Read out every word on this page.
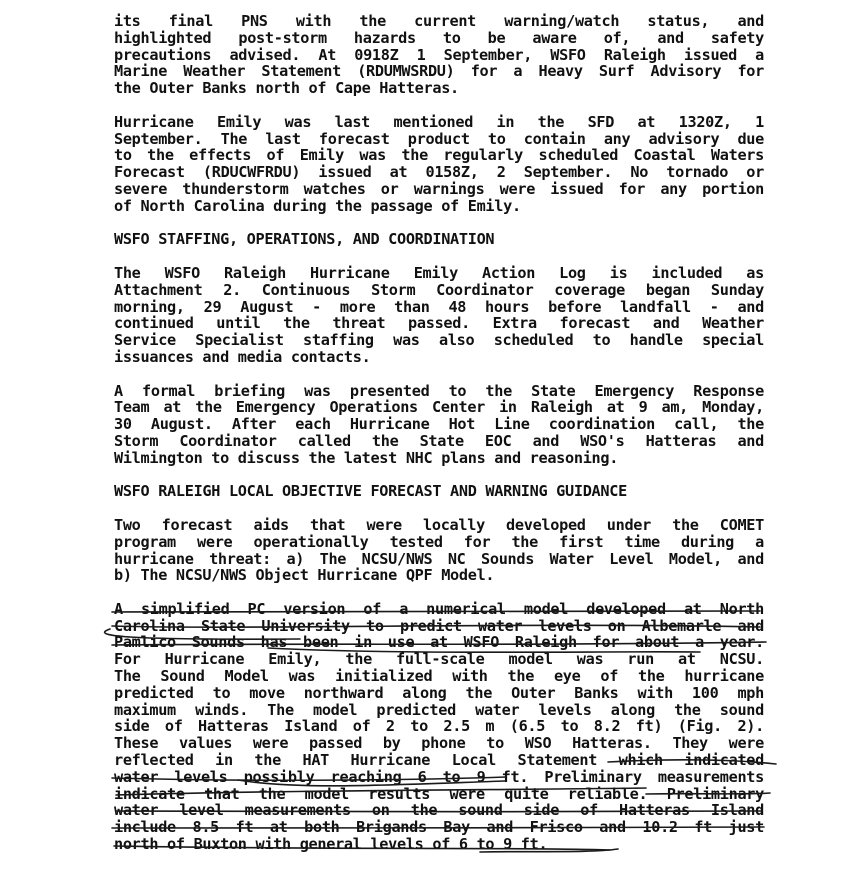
its final PNS with the current warning/watch status, and
highlighted post-storm hazards to be aware of, and safety
precautions advised. At 0918Z 1 September, WSFO Raleigh issued a
Marine Weather Statement (RDUMWSRDU) for a Heavy Surf Advisory for
the Outer Banks north of Cape Hatteras.
Hurricane Emily was last mentioned in the SFD at 1320Z, 1
September. The last forecast product to contain any advisory due
to the effects of Emily was the regularly scheduled Coastal Waters
Forecast (RDUCWFRDU) issued at 0158Z, 2 September. No tornado or
severe thunderstorm watches or warnings were issued for any portion
of North Carolina during the passage of Emily.
WSFO STAFFING, OPERATIONS, AND COORDINATION
The WSFO Raleigh Hurricane Emily Action Log is included as
Attachment 2. Continuous Storm Coordinator coverage began Sunday
morning, 29 August - more than 48 hours before landfall - and
continued until the threat passed. Extra forecast and Weather
Service Specialist staffing was also scheduled to handle special
issuances and media contacts.
A formal briefing was presented to the State Emergency Response
Team at the Emergency Operations Center in Raleigh at 9 am, Monday,
30 August. After each Hurricane Hot Line coordination call, the
Storm Coordinator called the State EOC and WSO's Hatteras and
Wilmington to discuss the latest NHC plans and reasoning.
WSFO RALEIGH LOCAL OBJECTIVE FORECAST AND WARNING GUIDANCE
Two forecast aids that were locally developed under the COMET
program were operationally tested for the first time during a
hurricane threat: a) The NCSU/NWS NC Sounds Water Level Model, and
b) The NCSU/NWS Object Hurricane QPF Model.
A simplified PC version of a numerical model developed at North
Carolina State University to predict water levels on Albemarle and
Pamlico Sounds has been in use at WSFO Raleigh for about a year.
For Hurricane Emily, the full-scale model was run at NCSU.
The Sound Model was initialized with the eye of the hurricane
predicted to move northward along the Outer Banks with 100 mph
maximum winds. The model predicted water levels along the sound
side of Hatteras Island of 2 to 2.5 m (6.5 to 8.2 ft) (Fig. 2).
These values were passed by phone to WSO Hatteras. They were
reflected in the HAT Hurricane Local Statement which indicated
water levels possibly reaching 6 to 9 ft. Preliminary measurements
indicate that the model results were quite reliable. Preliminary
water level measurements on the sound side of Hatteras Island
include 8.5 ft at both Brigands Bay and Frisco and 10.2 ft just
north of Buxton with general levels of 6 to 9 ft.
